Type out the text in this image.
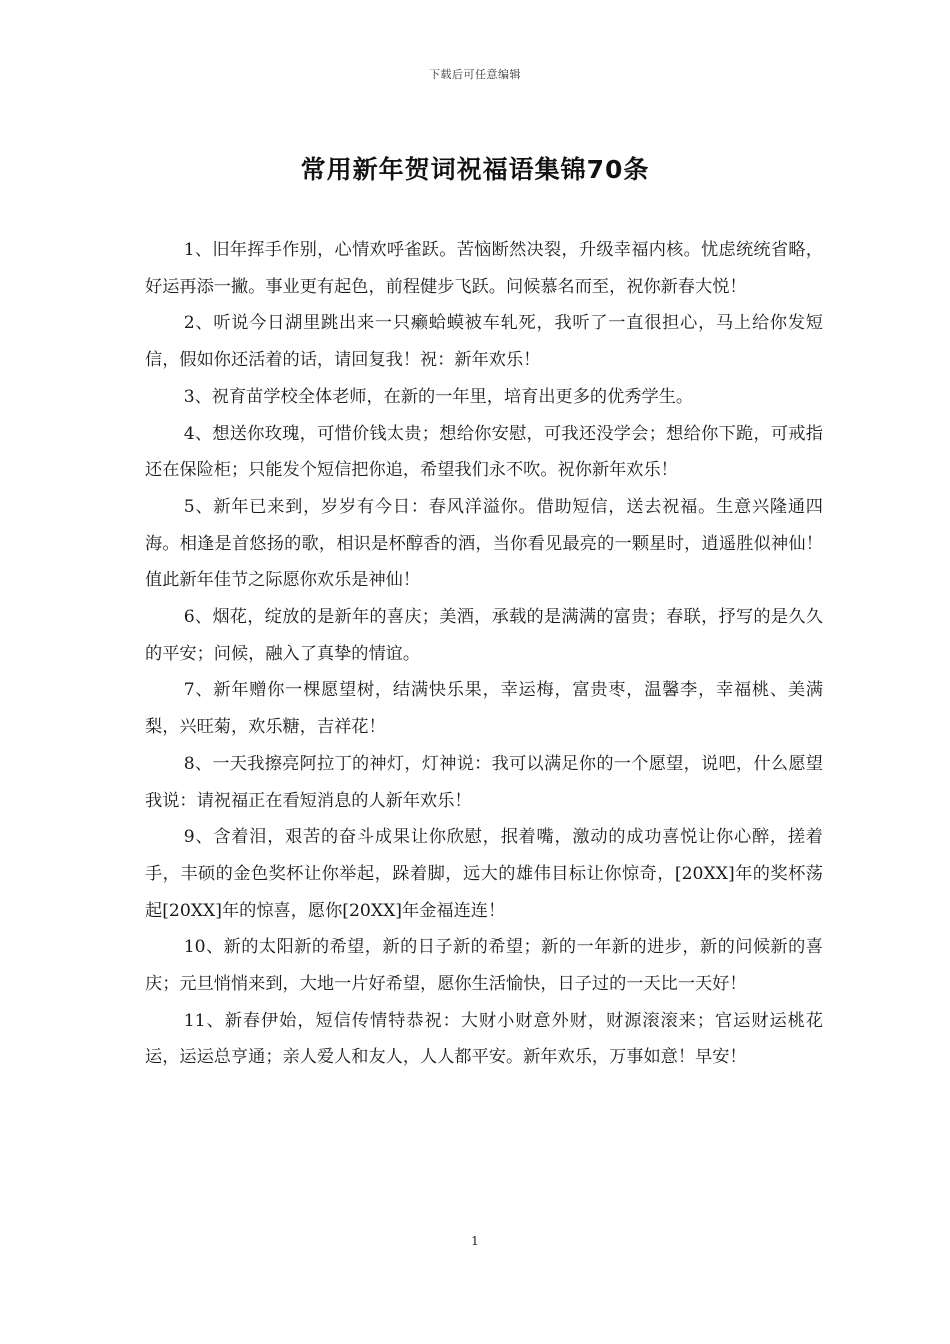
下载后可任意编辑
常用新年贺词祝福语集锦70条

1、旧年挥手作别，心情欢呼雀跃。苦恼断然决裂，升级幸福内核。忧虑统统省略，好运再添一撇。事业更有起色，前程健步飞跃。问候慕名而至，祝你新春大悦！

2、听说今日湖里跳出来一只癞蛤蟆被车轧死，我听了一直很担心，马上给你发短信，假如你还活着的话，请回复我！祝：新年欢乐！

3、祝育苗学校全体老师，在新的一年里，培育出更多的优秀学生。

4、想送你玫瑰，可惜价钱太贵；想给你安慰，可我还没学会；想给你下跪，可戒指还在保险柜；只能发个短信把你追，希望我们永不吹。祝你新年欢乐！

5、新年已来到，岁岁有今日：春风洋溢你。借助短信，送去祝福。生意兴隆通四海。相逢是首悠扬的歌，相识是杯醇香的酒，当你看见最亮的一颗星时，逍遥胜似神仙！值此新年佳节之际愿你欢乐是神仙！

6、烟花，绽放的是新年的喜庆；美酒，承载的是满满的富贵；春联，抒写的是久久的平安；问候，融入了真挚的情谊。

7、新年赠你一棵愿望树，结满快乐果，幸运梅，富贵枣，温馨李，幸福桃、美满梨，兴旺菊，欢乐糖，吉祥花！

8、一天我擦亮阿拉丁的神灯，灯神说：我可以满足你的一个愿望，说吧，什么愿望我说：请祝福正在看短消息的人新年欢乐！

9、含着泪，艰苦的奋斗成果让你欣慰，抿着嘴，激动的成功喜悦让你心醉，搓着手，丰硕的金色奖杯让你举起，跺着脚，远大的雄伟目标让你惊奇，[20XX]年的奖杯荡起[20XX]年的惊喜，愿你[20XX]年金福连连！

10、新的太阳新的希望，新的日子新的希望；新的一年新的进步，新的问候新的喜庆；元旦悄悄来到，大地一片好希望，愿你生活愉快，日子过的一天比一天好！

11、新春伊始，短信传情特恭祝：大财小财意外财，财源滚滚来；官运财运桃花运，运运总亨通；亲人爱人和友人，人人都平安。新年欢乐，万事如意！早安！

1
